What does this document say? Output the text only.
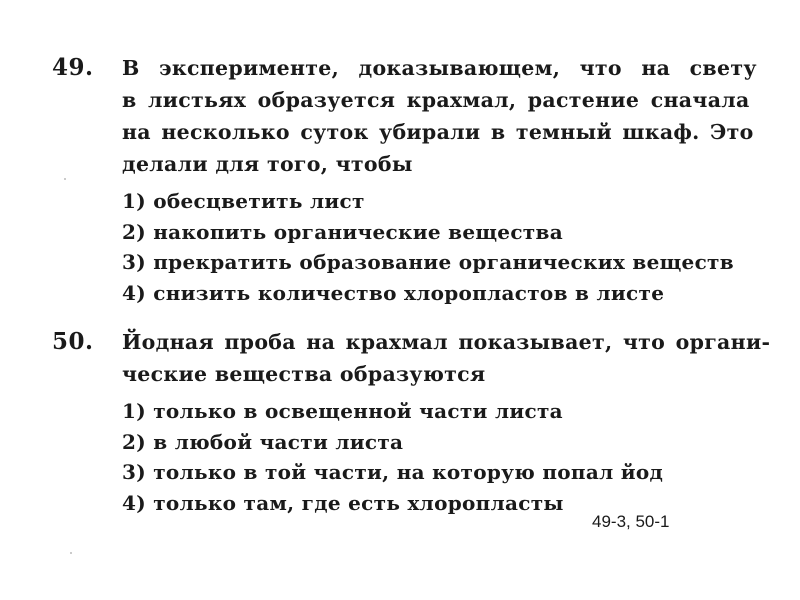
49. В эксперименте, доказывающем, что на свету
в листьях образуется крахмал, растение сначала
на несколько суток убирали в темный шкаф. Это
делали для того, чтобы
1) обесцветить лист
2) накопить органические вещества
3) прекратить образование органических веществ
4) снизить количество хлоропластов в листе
50. Йодная проба на крахмал показывает, что органи-
ческие вещества образуются
1) только в освещенной части листа
2) в любой части листа
3) только в той части, на которую попал йод
4) только там, где есть хлоропласты
49-3, 50-1
